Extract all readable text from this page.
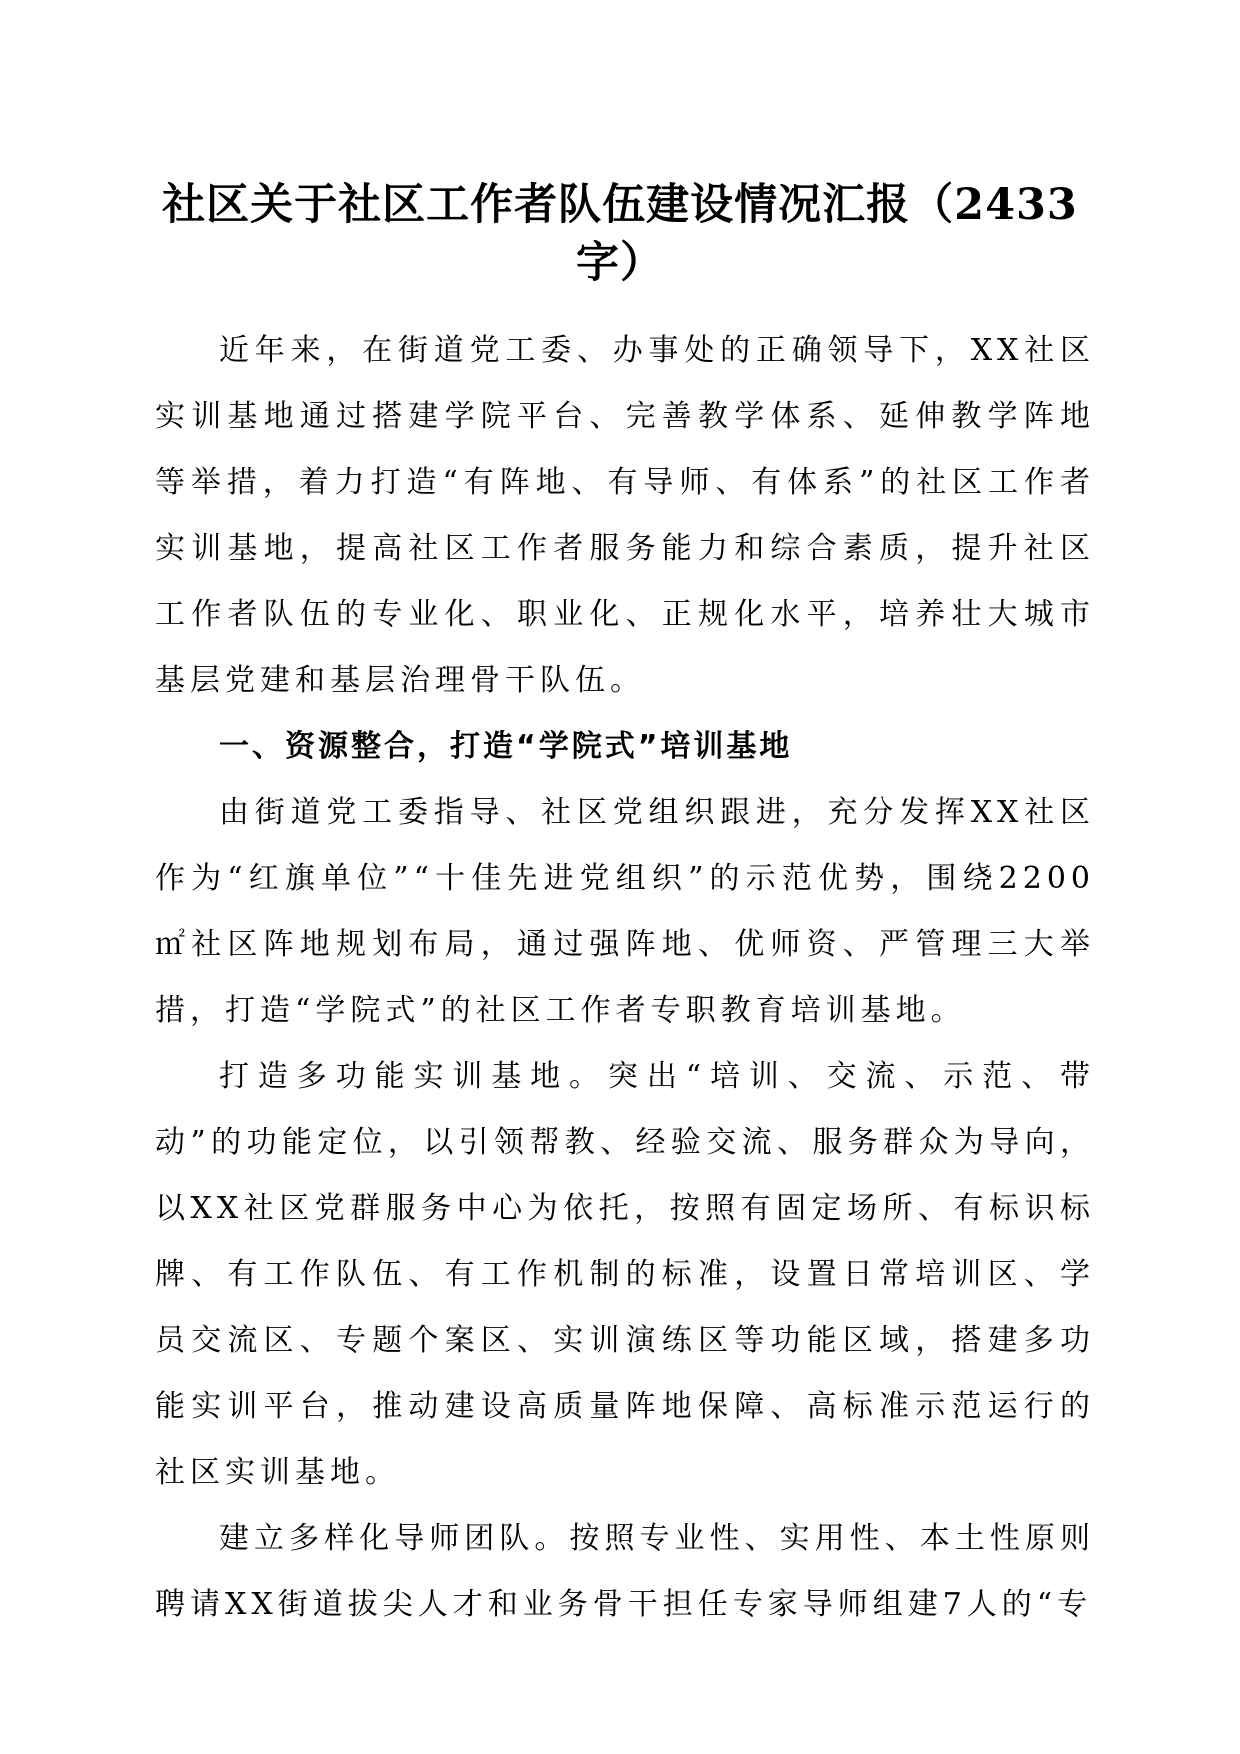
社区关于社区工作者队伍建设情况汇报（2433字）

近年来，在街道党工委、办事处的正确领导下，XX社区实训基地通过搭建学院平台、完善教学体系、延伸教学阵地等举措，着力打造“有阵地、有导师、有体系”的社区工作者实训基地，提高社区工作者服务能力和综合素质，提升社区工作者队伍的专业化、职业化、正规化水平，培养壮大城市基层党建和基层治理骨干队伍。

一、资源整合，打造“学院式”培训基地

由街道党工委指导、社区党组织跟进，充分发挥XX社区作为“红旗单位”“十佳先进党组织”的示范优势，围绕2200㎡社区阵地规划布局，通过强阵地、优师资、严管理三大举措，打造“学院式”的社区工作者专职教育培训基地。

打造多功能实训基地。突出“培训、交流、示范、带动”的功能定位，以引领帮教、经验交流、服务群众为导向，以XX社区党群服务中心为依托，按照有固定场所、有标识标牌、有工作队伍、有工作机制的标准，设置日常培训区、学员交流区、专题个案区、实训演练区等功能区域，搭建多功能实训平台，推动建设高质量阵地保障、高标准示范运行的社区实训基地。

建立多样化导师团队。按照专业性、实用性、本土性原则聘请XX街道拔尖人才和业务骨干担任专家导师组建7人的“专
